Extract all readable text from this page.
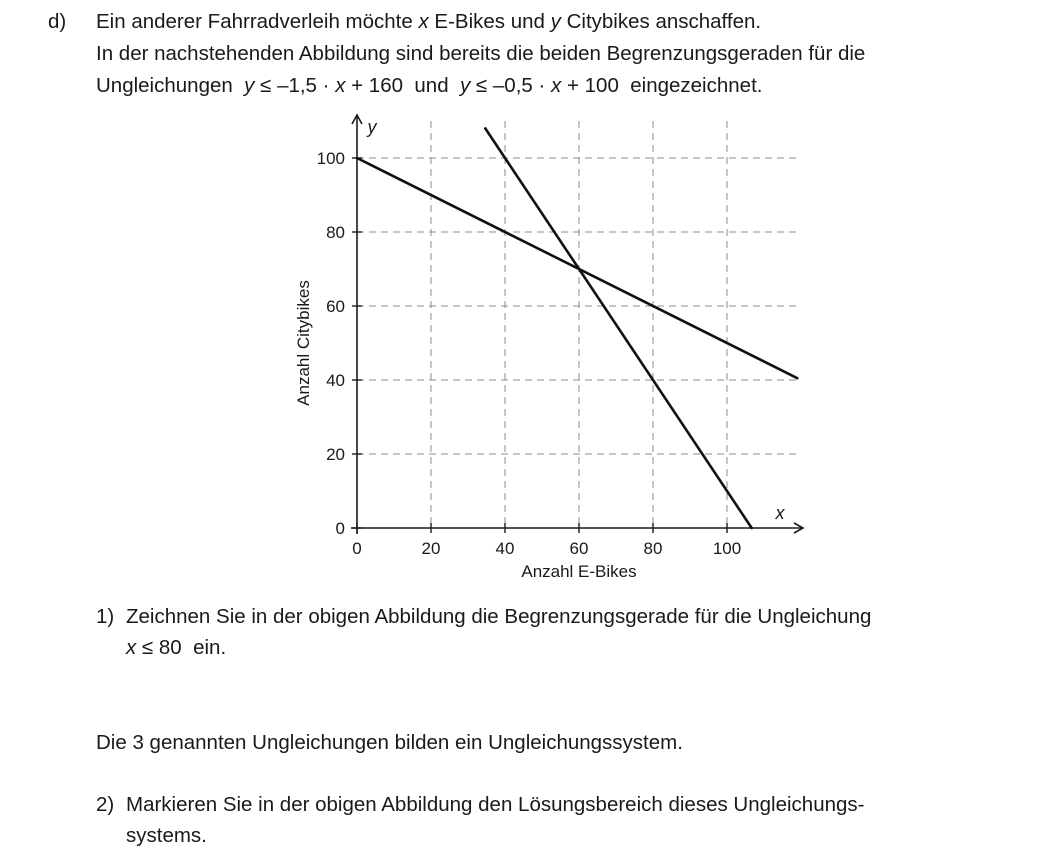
d) Ein anderer Fahrradverleih möchte x E-Bikes und y Citybikes anschaffen.
In der nachstehenden Abbildung sind bereits die beiden Begrenzungsgeraden für die
Ungleichungen  y ≤ –1,5 · x + 160  und  y ≤ –0,5 · x + 100  eingezeichnet.
0	20	40	60	80	100
0
20
40
60
80
100
Anzahl E-Bikes
Anzahl Citybikes
x
y
1) Zeichnen Sie in der obigen Abbildung die Begrenzungsgerade für die Ungleichung
x ≤ 80  ein.
Die 3 genannten Ungleichungen bilden ein Ungleichungssystem.
2) Markieren Sie in der obigen Abbildung den Lösungsbereich dieses Ungleichungs-
systems.
